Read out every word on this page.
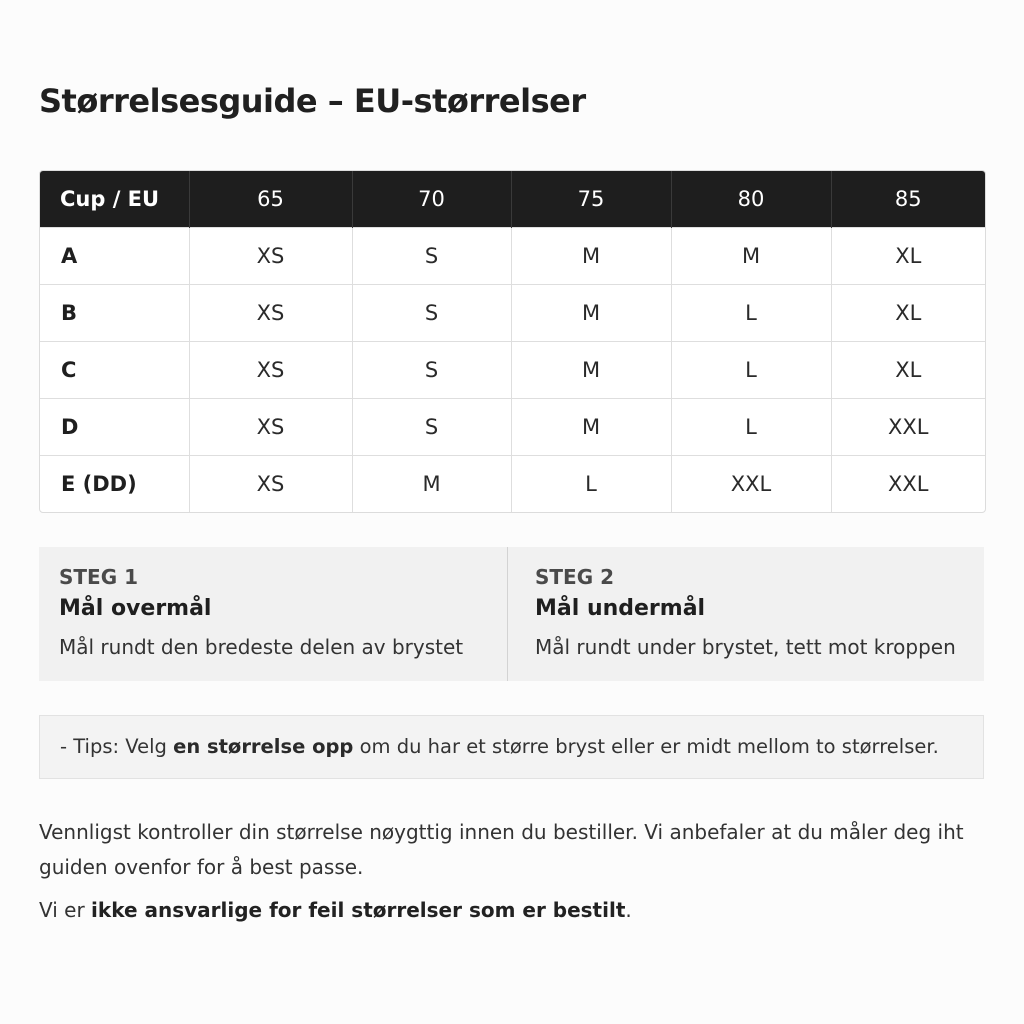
Størrelsesguide – EU-størrelser
Cup / EU	65	70	75	80	85
A	XS	S	M	M	XL
B	XS	S	M	L	XL
C	XS	S	M	L	XL
D	XS	S	M	L	XXL
E (DD)	XS	M	L	XXL	XXL

STEG 1

Mål overmål

Mål rundt den bredeste delen av brystet

STEG 2

Mål undermål

Mål rundt under brystet, tett mot kroppen

- Tips: Velg en størrelse opp om du har et større bryst eller er midt mellom to størrelser.

Vennligst kontroller din størrelse nøygttig innen du bestiller. Vi anbefaler at du måler deg iht guiden ovenfor for å best passe.

Vi er ikke ansvarlige for feil størrelser som er bestilt.
